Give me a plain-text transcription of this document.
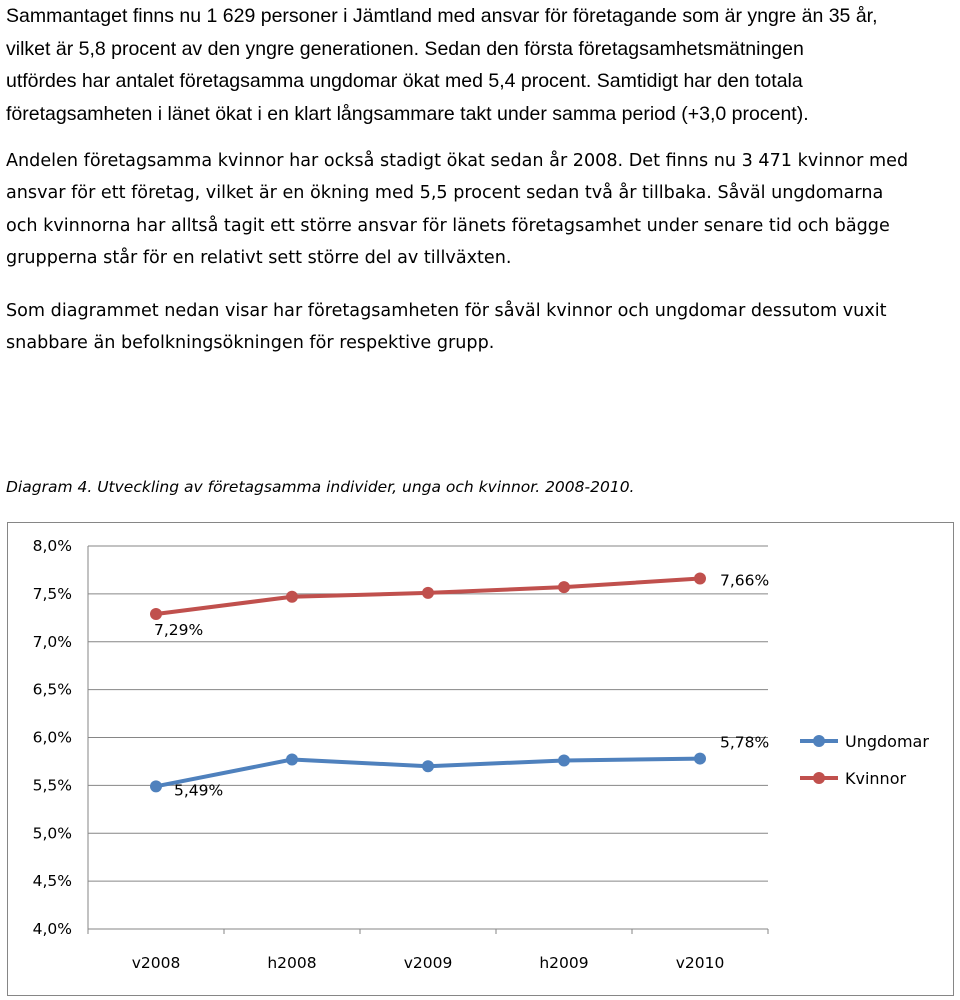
Sammantaget finns nu 1 629 personer i Jämtland med ansvar för företagande som är yngre än 35 år,
vilket är 5,8 procent av den yngre generationen. Sedan den första företagsamhetsmätningen
utfördes har antalet företagsamma ungdomar ökat med 5,4 procent. Samtidigt har den totala
företagsamheten i länet ökat i en klart långsammare takt under samma period (+3,0 procent).
Andelen företagsamma kvinnor har också stadigt ökat sedan år 2008. Det finns nu 3 471 kvinnor med
ansvar för ett företag, vilket är en ökning med 5,5 procent sedan två år tillbaka. Såväl ungdomarna
och kvinnorna har alltså tagit ett större ansvar för länets företagsamhet under senare tid och bägge
grupperna står för en relativt sett större del av tillväxten.
Som diagrammet nedan visar har företagsamheten för såväl kvinnor och ungdomar dessutom vuxit
snabbare än befolkningsökningen för respektive grupp.
Diagram 4. Utveckling av företagsamma individer, unga och kvinnor. 2008-2010.
4,0%
4,5%
5,0%
5,5%
6,0%
6,5%
7,0%
7,5%
8,0%
v2008	h2008	v2009	h2009	v2010
5,49%
5,78%
7,29%
7,66%
Ungdomar
Kvinnor
